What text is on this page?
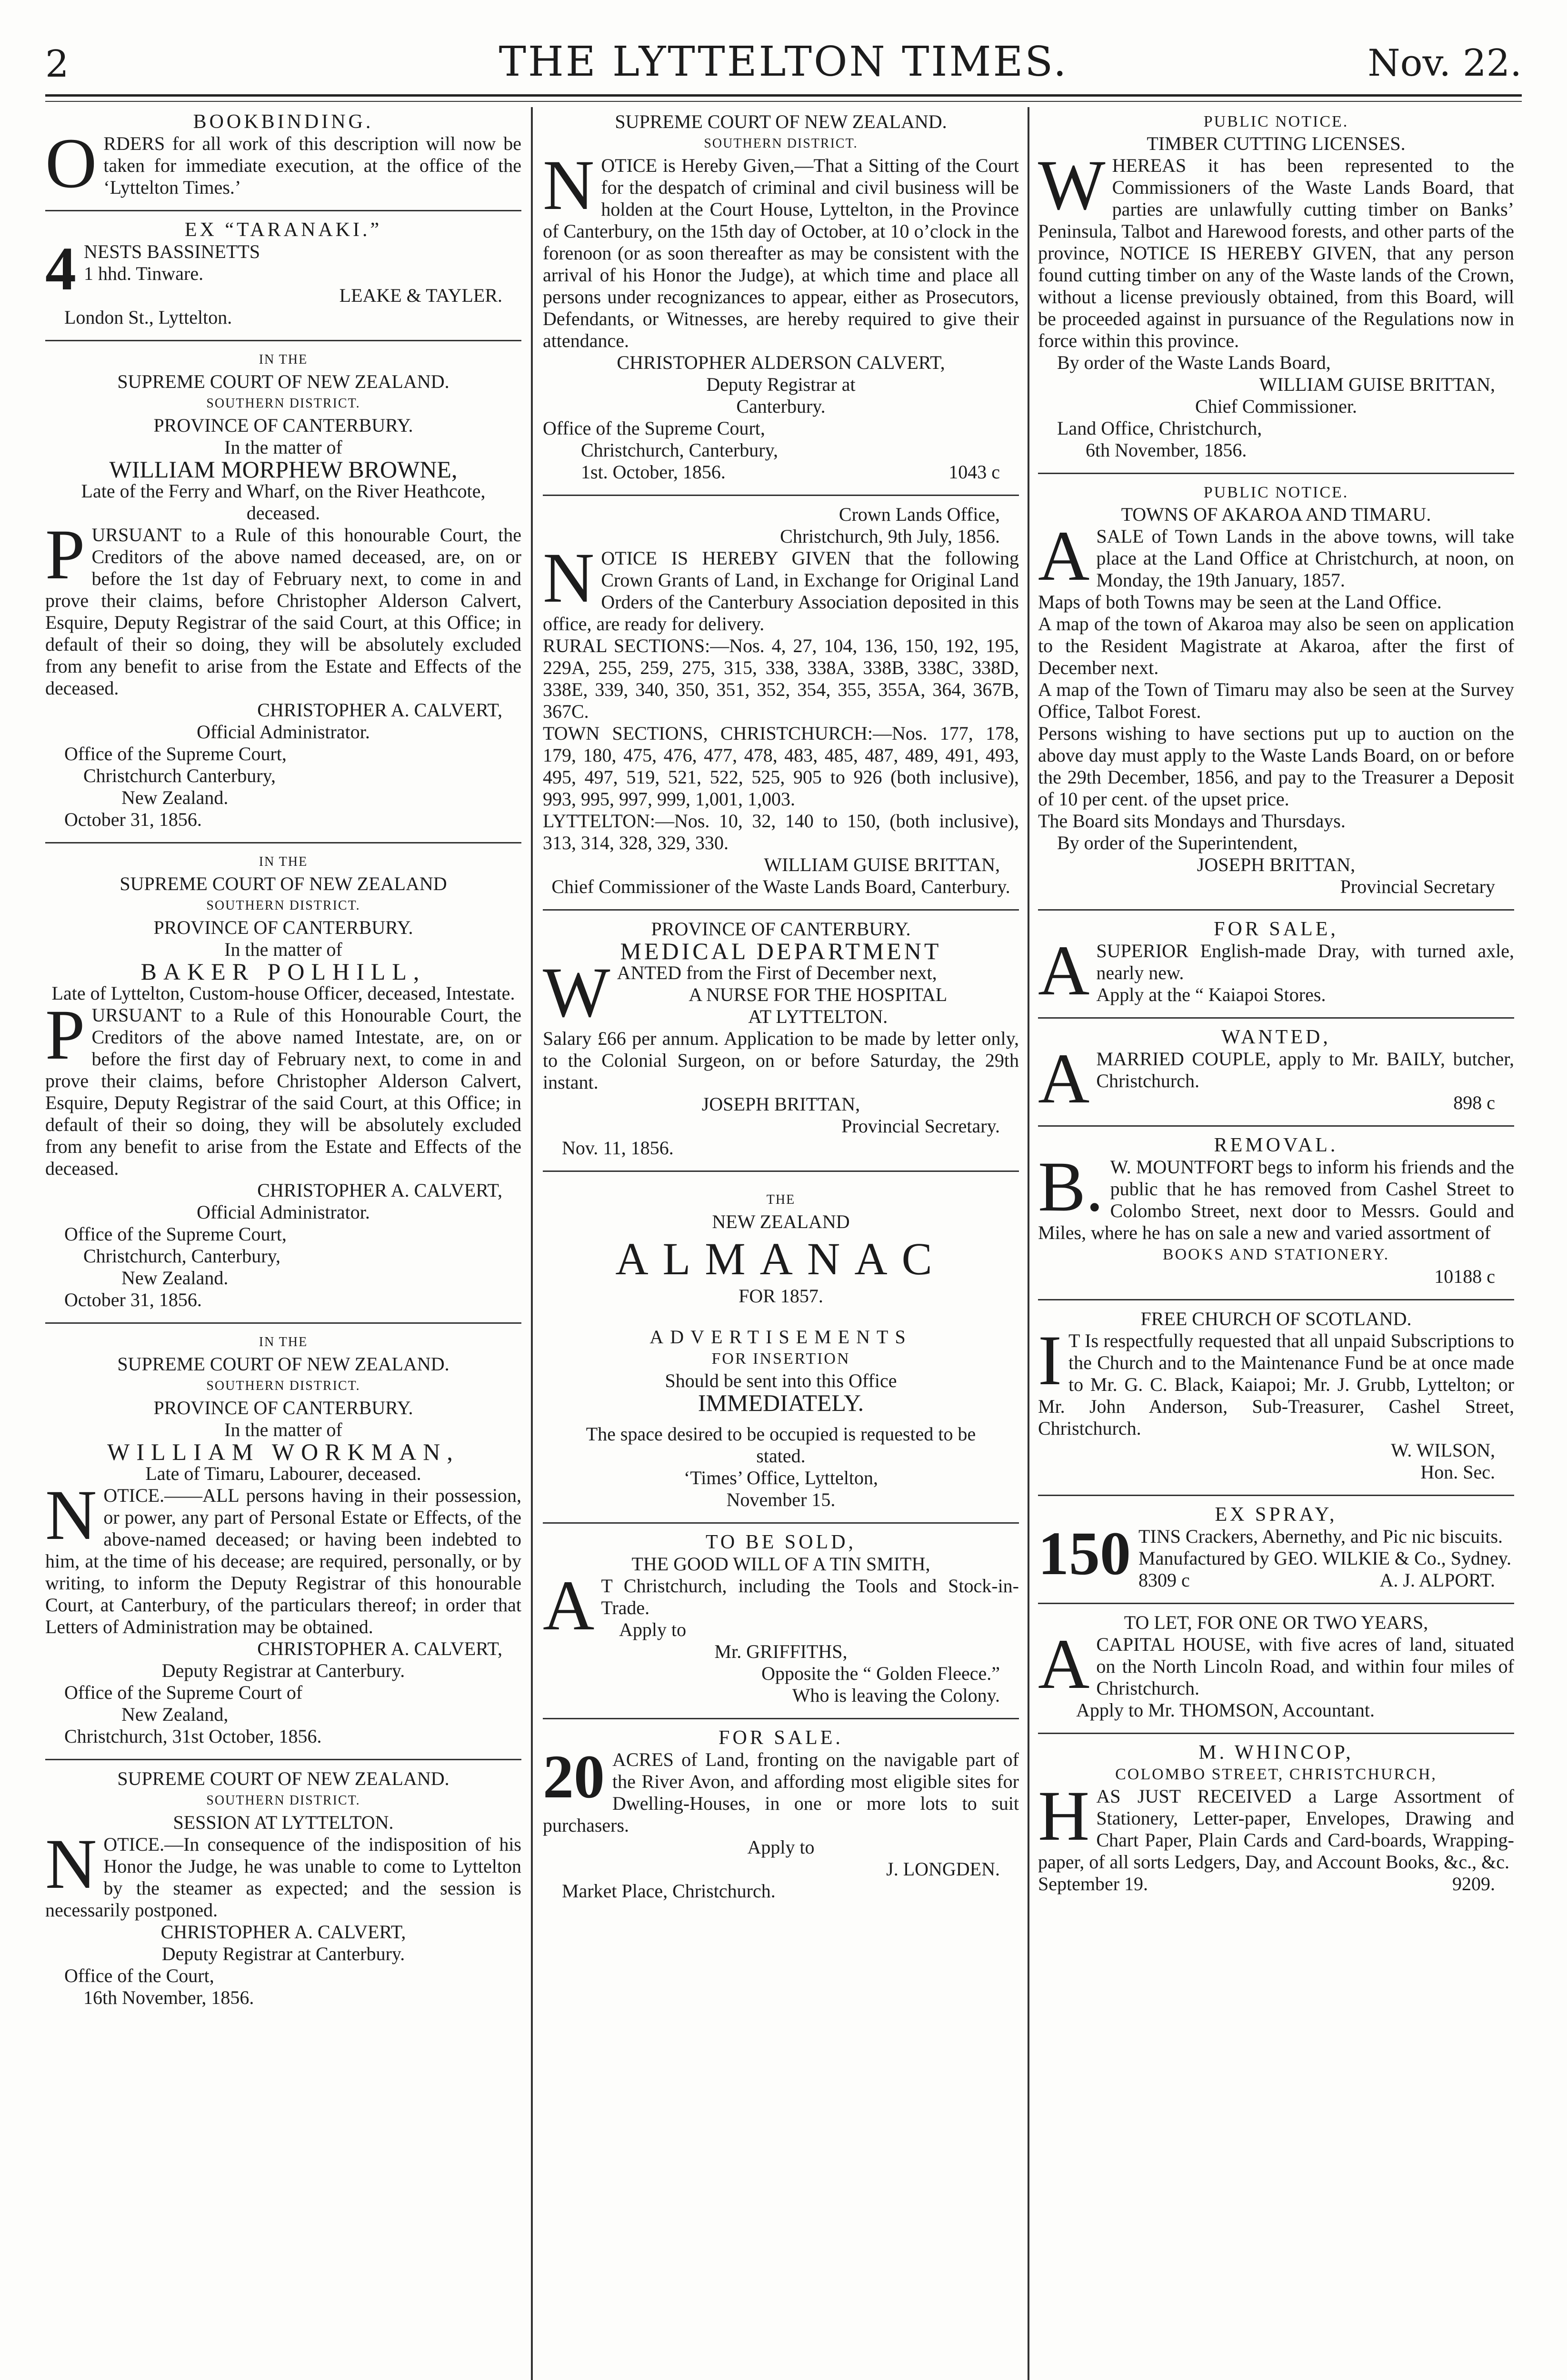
2	THE LYTTELTON TIMES.	Nov. 22.
BOOKBINDING.
ORDERS for all work of this description will now be taken for immediate execution, at the office of the ‘Lyttelton Times.’
EX “TARANAKI.”
4 NESTS BASSINETTS
1 hhd. Tinware.
LEAKE & TAYLER.
London St., Lyttelton.
IN THE
SUPREME COURT OF NEW ZEALAND.
SOUTHERN DISTRICT.
PROVINCE OF CANTERBURY.
In the matter of
WILLIAM MORPHEW BROWNE,
Late of the Ferry and Wharf, on the River Heathcote, deceased.
PURSUANT to a Rule of this honourable Court, the Creditors of the above named deceased, are, on or before the 1st day of February next, to come in and prove their claims, before Christopher Alderson Calvert, Esquire, Deputy Registrar of the said Court, at this Office; in default of their so doing, they will be absolutely excluded from any benefit to arise from the Estate and Effects of the deceased.
CHRISTOPHER A. CALVERT,
Official Administrator.
Office of the Supreme Court,
Christchurch Canterbury,
New Zealand.
October 31, 1856.
IN THE
SUPREME COURT OF NEW ZEALAND
SOUTHERN DISTRICT.
PROVINCE OF CANTERBURY.
In the matter of
BAKER POLHILL,
Late of Lyttelton, Custom-house Officer, deceased, Intestate.
PURSUANT to a Rule of this Honourable Court, the Creditors of the above named Intestate, are, on or before the first day of February next, to come in and prove their claims, before Christopher Alderson Calvert, Esquire, Deputy Registrar of the said Court, at this Office; in default of their so doing, they will be absolutely excluded from any benefit to arise from the Estate and Effects of the deceased.
CHRISTOPHER A. CALVERT,
Official Administrator.
Office of the Supreme Court,
Christchurch, Canterbury,
New Zealand.
October 31, 1856.
IN THE
SUPREME COURT OF NEW ZEALAND.
SOUTHERN DISTRICT.
PROVINCE OF CANTERBURY.
In the matter of
WILLIAM WORKMAN,
Late of Timaru, Labourer, deceased.
NOTICE.——ALL persons having in their possession, or power, any part of Personal Estate or Effects, of the above-named deceased; or having been indebted to him, at the time of his decease; are required, personally, or by writing, to inform the Deputy Registrar of this honourable Court, at Canterbury, of the particulars thereof; in order that Letters of Administration may be obtained.
CHRISTOPHER A. CALVERT,
Deputy Registrar at Canterbury.
Office of the Supreme Court of
New Zealand,
Christchurch, 31st October, 1856.
SUPREME COURT OF NEW ZEALAND.
SOUTHERN DISTRICT.
SESSION AT LYTTELTON.
NOTICE.—In consequence of the indisposition of his Honor the Judge, he was unable to come to Lyttelton by the steamer as expected; and the session is necessarily postponed.
CHRISTOPHER A. CALVERT,
Deputy Registrar at Canterbury.
Office of the Court,
16th November, 1856.
SUPREME COURT OF NEW ZEALAND.
SOUTHERN DISTRICT.
NOTICE is Hereby Given,—That a Sitting of the Court for the despatch of criminal and civil business will be holden at the Court House, Lyttelton, in the Province of Canterbury, on the 15th day of October, at 10 o’clock in the forenoon (or as soon thereafter as may be consistent with the arrival of his Honor the Judge), at which time and place all persons under recognizances to appear, either as Prosecutors, Defendants, or Witnesses, are hereby required to give their attendance.
CHRISTOPHER ALDERSON CALVERT,
Deputy Registrar at
Canterbury.
Office of the Supreme Court,
Christchurch, Canterbury,
1st. October, 1856.	1043 c
Crown Lands Office,
Christchurch, 9th July, 1856.
NOTICE IS HEREBY GIVEN that the following Crown Grants of Land, in Exchange for Original Land Orders of the Canterbury Association deposited in this office, are ready for delivery.
RURAL SECTIONS:—Nos. 4, 27, 104, 136, 150, 192, 195, 229A, 255, 259, 275, 315, 338, 338A, 338B, 338C, 338D, 338E, 339, 340, 350, 351, 352, 354, 355, 355A, 364, 367B, 367C.
TOWN SECTIONS, CHRISTCHURCH:—Nos. 177, 178, 179, 180, 475, 476, 477, 478, 483, 485, 487, 489, 491, 493, 495, 497, 519, 521, 522, 525, 905 to 926 (both inclusive), 993, 995, 997, 999, 1,001, 1,003.
LYTTELTON:—Nos. 10, 32, 140 to 150, (both inclusive), 313, 314, 328, 329, 330.
WILLIAM GUISE BRITTAN,
Chief Commissioner of the Waste Lands Board, Canterbury.
PROVINCE OF CANTERBURY.
MEDICAL DEPARTMENT
WANTED from the First of December next,
A NURSE FOR THE HOSPITAL
AT LYTTELTON.
Salary £66 per annum. Application to be made by letter only, to the Colonial Surgeon, on or before Saturday, the 29th instant.
JOSEPH BRITTAN,
Provincial Secretary.
Nov. 11, 1856.
THE
NEW ZEALAND
ALMANAC
FOR 1857.
ADVERTISEMENTS
FOR INSERTION
Should be sent into this Office
IMMEDIATELY.
The space desired to be occupied is requested to be stated.
‘Times’ Office, Lyttelton,
November 15.
TO BE SOLD,
THE GOOD WILL OF A TIN SMITH,
A T Christchurch, including the Tools and Stock-in-Trade.
Apply to
Mr. GRIFFITHS,
Opposite the “ Golden Fleece.”
Who is leaving the Colony.
FOR SALE.
20 ACRES of Land, fronting on the navigable part of the River Avon, and affording most eligible sites for Dwelling-Houses, in one or more lots to suit purchasers.
Apply to
J. LONGDEN.
Market Place, Christchurch.
PUBLIC NOTICE.
TIMBER CUTTING LICENSES.
WHEREAS it has been represented to the Commissioners of the Waste Lands Board, that parties are unlawfully cutting timber on Banks’ Peninsula, Talbot and Harewood forests, and other parts of the province, NOTICE IS HEREBY GIVEN, that any person found cutting timber on any of the Waste lands of the Crown, without a license previously obtained, from this Board, will be proceeded against in pursuance of the Regulations now in force within this province.
By order of the Waste Lands Board,
WILLIAM GUISE BRITTAN,
Chief Commissioner.
Land Office, Christchurch,
6th November, 1856.
PUBLIC NOTICE.
TOWNS OF AKAROA AND TIMARU.
ASALE of Town Lands in the above towns, will take place at the Land Office at Christchurch, at noon, on Monday, the 19th January, 1857.
Maps of both Towns may be seen at the Land Office.
A map of the town of Akaroa may also be seen on application to the Resident Magistrate at Akaroa, after the first of December next.
A map of the Town of Timaru may also be seen at the Survey Office, Talbot Forest.
Persons wishing to have sections put up to auction on the above day must apply to the Waste Lands Board, on or before the 29th December, 1856, and pay to the Treasurer a Deposit of 10 per cent. of the upset price.
The Board sits Mondays and Thursdays.
By order of the Superintendent,
JOSEPH BRITTAN,
Provincial Secretary
FOR SALE,
ASUPERIOR English-made Dray, with turned axle, nearly new.
Apply at the “ Kaiapoi Stores.
WANTED,
AMARRIED COUPLE, apply to Mr. BAILY, butcher, Christchurch.
898 c
REMOVAL.
B. W. MOUNTFORT begs to inform his friends and the public that he has removed from Cashel Street to Colombo Street, next door to Messrs. Gould and Miles, where he has on sale a new and varied assortment of
BOOKS AND STATIONERY.
10188 c
FREE CHURCH OF SCOTLAND.
I T Is respectfully requested that all unpaid Subscriptions to the Church and to the Maintenance Fund be at once made to Mr. G. C. Black, Kaiapoi; Mr. J. Grubb, Lyttelton; or Mr. John Anderson, Sub-Treasurer, Cashel Street, Christchurch.
W. WILSON,
Hon. Sec.
EX SPRAY,
150 TINS Crackers, Abernethy, and Pic nic biscuits.
Manufactured by GEO. WILKIE & Co., Sydney.
8309 c	A. J. ALPORT.
TO LET, FOR ONE OR TWO YEARS,
ACAPITAL HOUSE, with five acres of land, situated on the North Lincoln Road, and within four miles of Christchurch.
Apply to Mr. THOMSON, Accountant.
M. WHINCOP,
COLOMBO STREET, CHRISTCHURCH,
HAS JUST RECEIVED a Large Assortment of Stationery, Letter-paper, Envelopes, Drawing and Chart Paper, Plain Cards and Card-boards, Wrapping-paper, of all sorts Ledgers, Day, and Account Books, &c., &c.
September 19.	9209.
